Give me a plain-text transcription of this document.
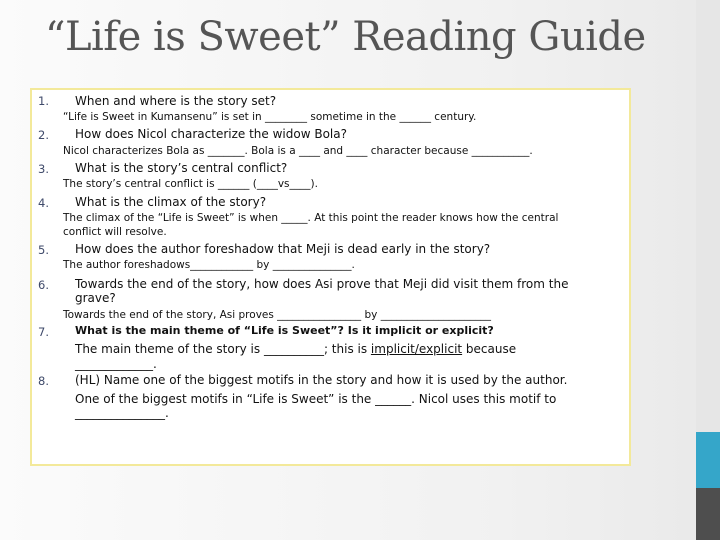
“Life is Sweet” Reading Guide
1. When and where is the story set?
“Life is Sweet in Kumansenu” is set in ________ sometime in the ______ century.
2. How does Nicol characterize the widow Bola?
Nicol characterizes Bola as _______. Bola is a ____ and ____ character because ___________.
3. What is the story’s central conflict?
The story’s central conflict is ______ (____vs____).
4. What is the climax of the story?
The climax of the “Life is Sweet” is when _____. At this point the reader knows how the central
conflict will resolve.
5. How does the author foreshadow that Meji is dead early in the story?
The author foreshadows____________ by _______________.
6. Towards the end of the story, how does Asi prove that Meji did visit them from the
grave?
Towards the end of the story, Asi proves ________________ by _____________________
7. What is the main theme of “Life is Sweet”? Is it implicit or explicit?
The main theme of the story is __________; this is implicit/explicit because
_____________.
8. (HL) Name one of the biggest motifs in the story and how it is used by the author.
One of the biggest motifs in “Life is Sweet” is the ______. Nicol uses this motif to
_______________.
